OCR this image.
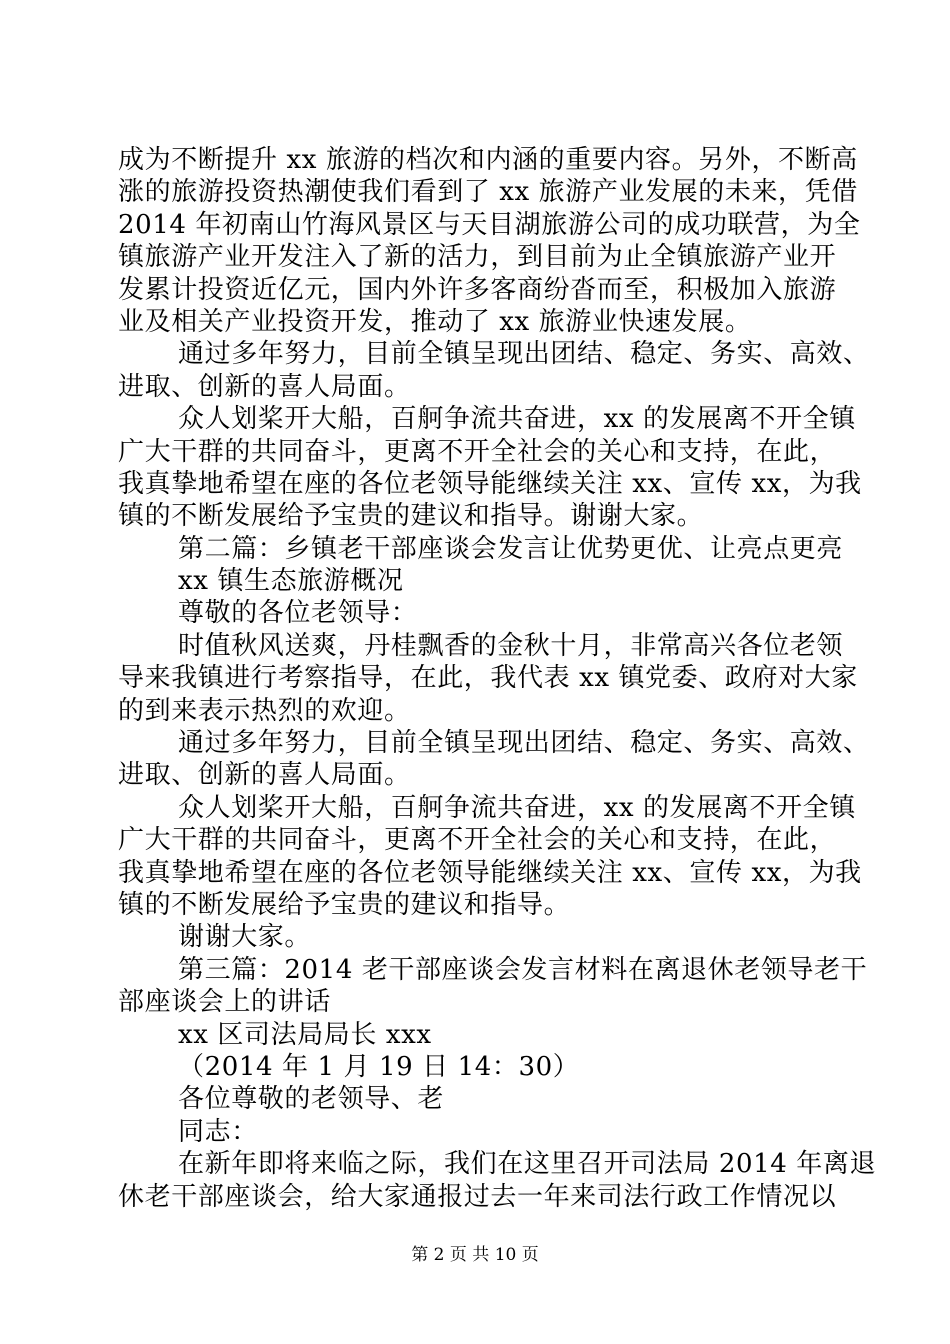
成为不断提升 xx 旅游的档次和内涵的重要内容。另外，不断高
涨的旅游投资热潮使我们看到了 xx 旅游产业发展的未来，凭借
2014 年初南山竹海风景区与天目湖旅游公司的成功联营，为全
镇旅游产业开发注入了新的活力，到目前为止全镇旅游产业开
发累计投资近亿元，国内外许多客商纷沓而至，积极加入旅游
业及相关产业投资开发，推动了 xx 旅游业快速发展。
通过多年努力，目前全镇呈现出团结、稳定、务实、高效、
进取、创新的喜人局面。
众人划桨开大船，百舸争流共奋进，xx 的发展离不开全镇
广大干群的共同奋斗，更离不开全社会的关心和支持，在此，
我真挚地希望在座的各位老领导能继续关注 xx、宣传 xx，为我
镇的不断发展给予宝贵的建议和指导。谢谢大家。
第二篇：乡镇老干部座谈会发言让优势更优、让亮点更亮
xx 镇生态旅游概况
尊敬的各位老领导：
时值秋风送爽，丹桂飘香的金秋十月，非常高兴各位老领
导来我镇进行考察指导，在此，我代表 xx 镇党委、政府对大家
的到来表示热烈的欢迎。
通过多年努力，目前全镇呈现出团结、稳定、务实、高效、
进取、创新的喜人局面。
众人划桨开大船，百舸争流共奋进，xx 的发展离不开全镇
广大干群的共同奋斗，更离不开全社会的关心和支持，在此，
我真挚地希望在座的各位老领导能继续关注 xx、宣传 xx，为我
镇的不断发展给予宝贵的建议和指导。
谢谢大家。
第三篇：2014 老干部座谈会发言材料在离退休老领导老干
部座谈会上的讲话
xx 区司法局局长 xxx
（2014 年 1 月 19 日 14：30）
各位尊敬的老领导、老
同志：
在新年即将来临之际，我们在这里召开司法局 2014 年离退
休老干部座谈会，给大家通报过去一年来司法行政工作情况以
第 2 页 共 10 页
